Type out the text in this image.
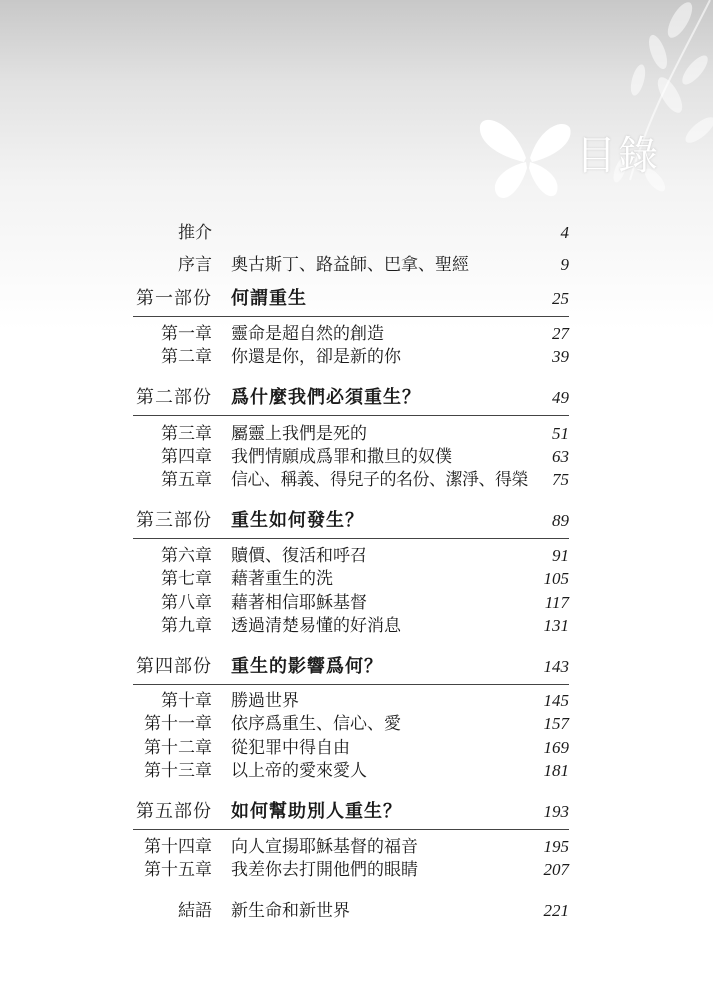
目錄
推介	4
序言 奧古斯丁、路益師、巴拿、聖經	9
第一部份 何謂重生	25
第一章 靈命是超自然的創造	27
第二章 你還是你，卻是新的你	39
第二部份 爲什麼我們必須重生？	49
第三章 屬靈上我們是死的	51
第四章 我們情願成爲罪和撒旦的奴僕	63
第五章 信心、稱義、得兒子的名份、潔淨、得榮 75
第三部份 重生如何發生？	89
第六章 贖價、復活和呼召	91
第七章 藉著重生的洗	105
第八章 藉著相信耶穌基督	117
第九章 透過清楚易懂的好消息	131
第四部份 重生的影響爲何？	143
第十章 勝過世界	145
第十一章 依序爲重生、信心、愛	157
第十二章 從犯罪中得自由	169
第十三章 以上帝的愛來愛人	181
第五部份 如何幫助別人重生？	193
第十四章 向人宣揚耶穌基督的福音	195
第十五章 我差你去打開他們的眼睛	207
結語 新生命和新世界	221
